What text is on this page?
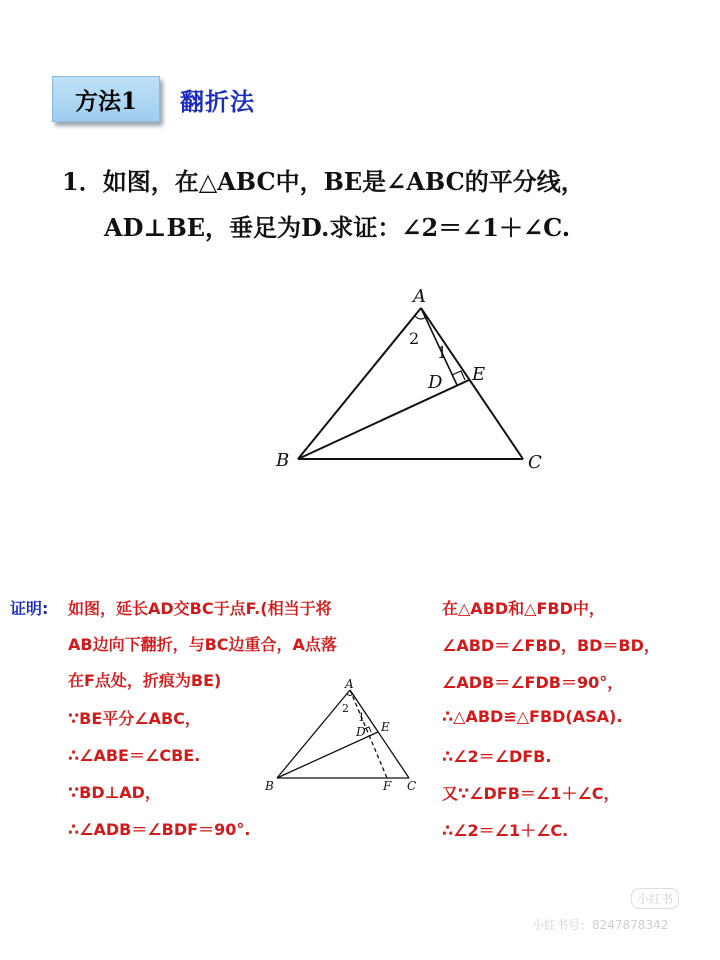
方法1	翻折法
1．如图，在△ABC中，BE是∠ABC的平分线，
AD⊥BE，垂足为D.求证：∠2＝∠1＋∠C.
A
B	C
D E
2
1
A
B	C
D E
F
2
1
证明: 如图，延长AD交BC于点F.(相当于将
AB边向下翻折，与BC边重合，A点落
在F点处，折痕为BE)
∵BE平分∠ABC，
∴∠ABE＝∠CBE.
∵BD⊥AD，
∴∠ADB＝∠BDF＝90°.
在△ABD和△FBD中，
∠ABD＝∠FBD，BD＝BD，
∠ADB＝∠FDB＝90°，
∴△ABD≌△FBD(ASA).
∴∠2＝∠DFB.
又∵∠DFB＝∠1＋∠C，
∴∠2＝∠1＋∠C.
小红书
小红书号：8247878342
